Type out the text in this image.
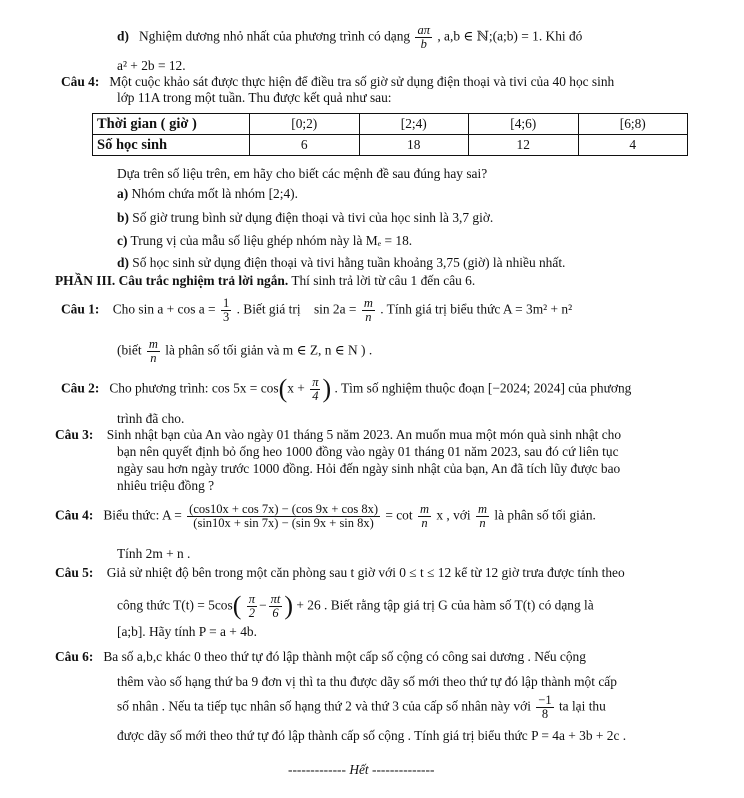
d) Nghiệm dương nhỏ nhất của phương trình có dạng $\frac{a\pi}{b}$ , a,b ∈ ℕ;(a;b) = 1. Khi đó
a² + 2b = 12.
Câu 4: Một cuộc khảo sát được thực hiện để điều tra số giờ sử dụng điện thoại và tivi của 40 học sinh
lớp 11A trong một tuần. Thu được kết quả như sau:
Thời gian ( giờ )	[0;2)	[2;4)	[4;6)	[6;8)
Số học sinh	6	18	12	4
Dựa trên số liệu trên, em hãy cho biết các mệnh đề sau đúng hay sai?
a) Nhóm chứa mốt là nhóm [2;4).
b) Số giờ trung bình sử dụng điện thoại và tivi của học sinh là 3,7 giờ.
c) Trung vị của mẫu số liệu ghép nhóm này là Mₑ = 18.
d) Số học sinh sử dụng điện thoại và tivi hằng tuần khoảng 3,75 (giờ) là nhiều nhất.
PHẦN III. Câu trắc nghiệm trả lời ngắn. Thí sinh trả lời từ câu 1 đến câu 6.
Câu 1: Cho $\sin a + \cos a = \frac{1}{3}$ . Biết giá trị $\sin 2a = \frac{m}{n}$ . Tính giá trị biểu thức A = 3m² + n²
(biết $\frac{m}{n}$ là phân số tối giản và m ∈ Z, n ∈ N ) .
Câu 2: Cho phương trình: $\cos 5x = \cos(x + \frac{\pi}{4}$ ) . Tìm số nghiệm thuộc đoạn [−2024; 2024] của phương
trình đã cho.
Câu 3: Sinh nhật bạn của An vào ngày 01 tháng 5 năm 2023. An muốn mua một món quà sinh nhật cho
bạn nên quyết định bỏ ống heo 1000 đồng vào ngày 01 tháng 01 năm 2023, sau đó cứ liên tục
ngày sau hơn ngày trước 1000 đồng. Hỏi đến ngày sinh nhật của bạn, An đã tích lũy được bao
nhiêu triệu đồng ?
Câu 4: Biểu thức: $A = \frac{(\cos 10x + \cos 7x) - (\cos 9x + \cos 8x)}{(\sin 10x + \sin 7x) - (\sin 9x + \sin 8x)} = \cot \frac{m}{n}$ x , với $\frac{m}{n}$ là phân số tối giản.
Tính 2m + n .
Câu 5: Giả sử nhiệt độ bên trong một căn phòng sau t giờ với 0 ≤ t ≤ 12 kể từ 12 giờ trưa được tính theo
công thức $T(t) = 5\cos( \frac{\pi}{2} - \frac{\pi t}{6}$ ) + 26 . Biết rằng tập giá trị G của hàm số T(t) có dạng là
[a;b]. Hãy tính P = a + 4b.
Câu 6: Ba số a,b,c khác 0 theo thứ tự đó lập thành một cấp số cộng có công sai dương . Nếu cộng
thêm vào số hạng thứ ba 9 đơn vị thì ta thu được dãy số mới theo thứ tự đó lập thành một cấp
số nhân . Nếu ta tiếp tục nhân số hạng thứ 2 và thứ 3 của cấp số nhân này với $\frac{-1}{8}$ ta lại thu
được dãy số mới theo thứ tự đó lập thành cấp số cộng . Tính giá trị biểu thức P = 4a + 3b + 2c .
------------- Hết --------------
